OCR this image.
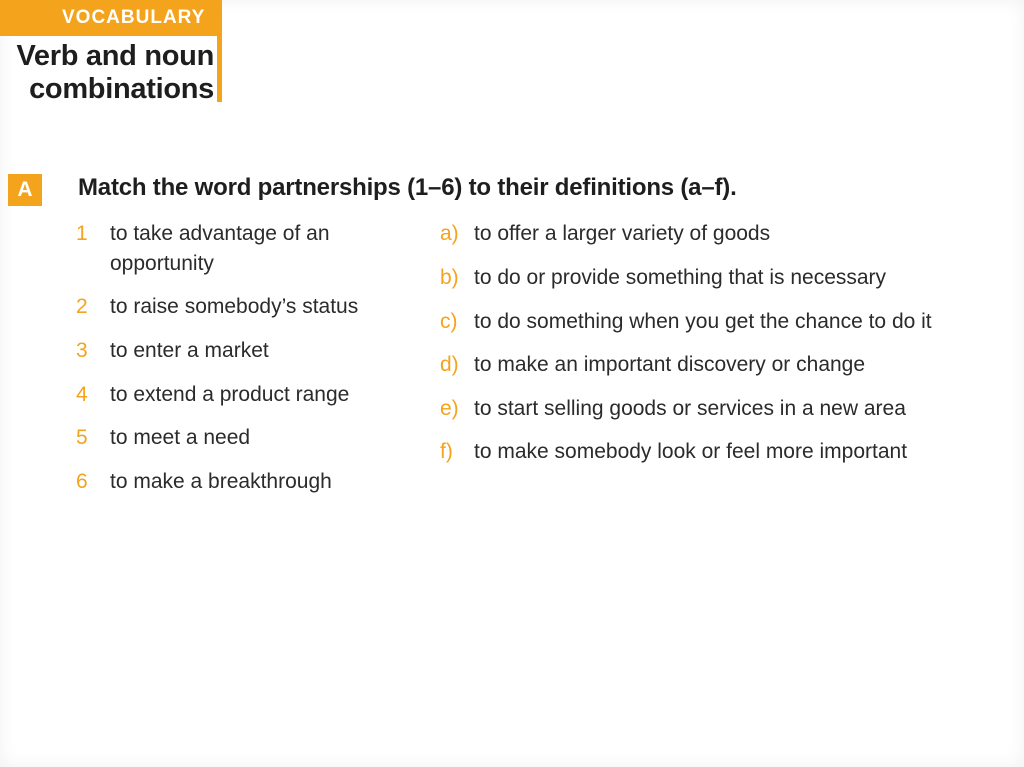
VOCABULARY
Verb and noun
combinations
A	Match the word partnerships (1–6) to their definitions (a–f).
1 to take advantage of an
opportunity
2 to raise somebody’s status
3 to enter a market
4 to extend a product range
5 to meet a need
6 to make a breakthrough
a) to offer a larger variety of goods
b) to do or provide something that is necessary
c) to do something when you get the chance to do it
d) to make an important discovery or change
e) to start selling goods or services in a new area
f) to make somebody look or feel more important
